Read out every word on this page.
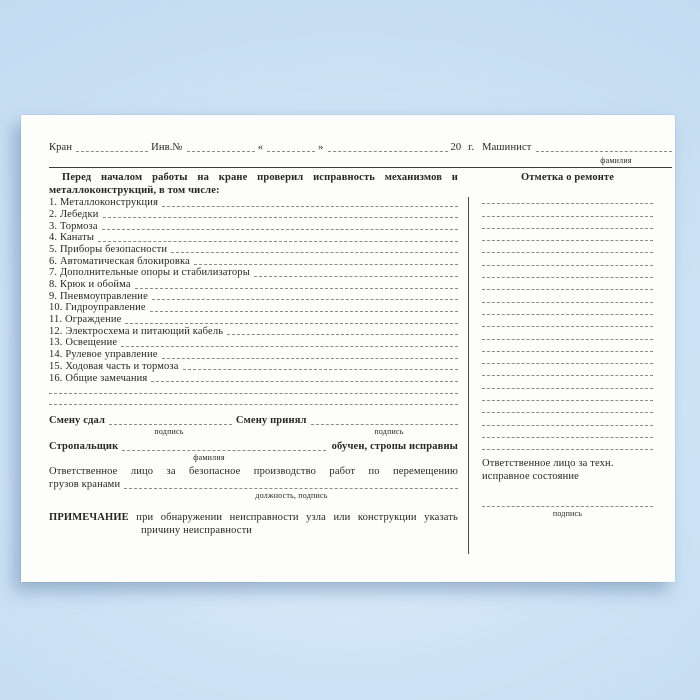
Кран	Инв.№	«	»	20 г. Машинист
фамилия
Перед началом работы на кране проверил исправность механизмов и
металлоконструкций, в том числе:
1. Металлоконструкция
2. Лебедки
3. Тормоза
4. Канаты
5. Приборы безопасности
6. Автоматическая блокировка
7. Дополнительные опоры и стабилизаторы
8. Крюк и обойма
9. Пневмоуправление
10. Гидроуправление
11. Ограждение
12. Электросхема и питающий кабель
13. Освещение
14. Рулевое управление
15. Ходовая часть и тормоза
16. Общие замечания
Смену сдал	Смену принял
подпись	подпись
Стропальщик	обучен, стропы исправны
фамилия
Ответственное лицо за безопасное производство работ по перемещению
грузов кранами
должность, подпись
ПРИМЕЧАНИЕ при обнаружении неисправности узла или конструкции указать
причину неисправности
Отметка о ремонте
Ответственное лицо за техн.
исправное состояние
подпись
